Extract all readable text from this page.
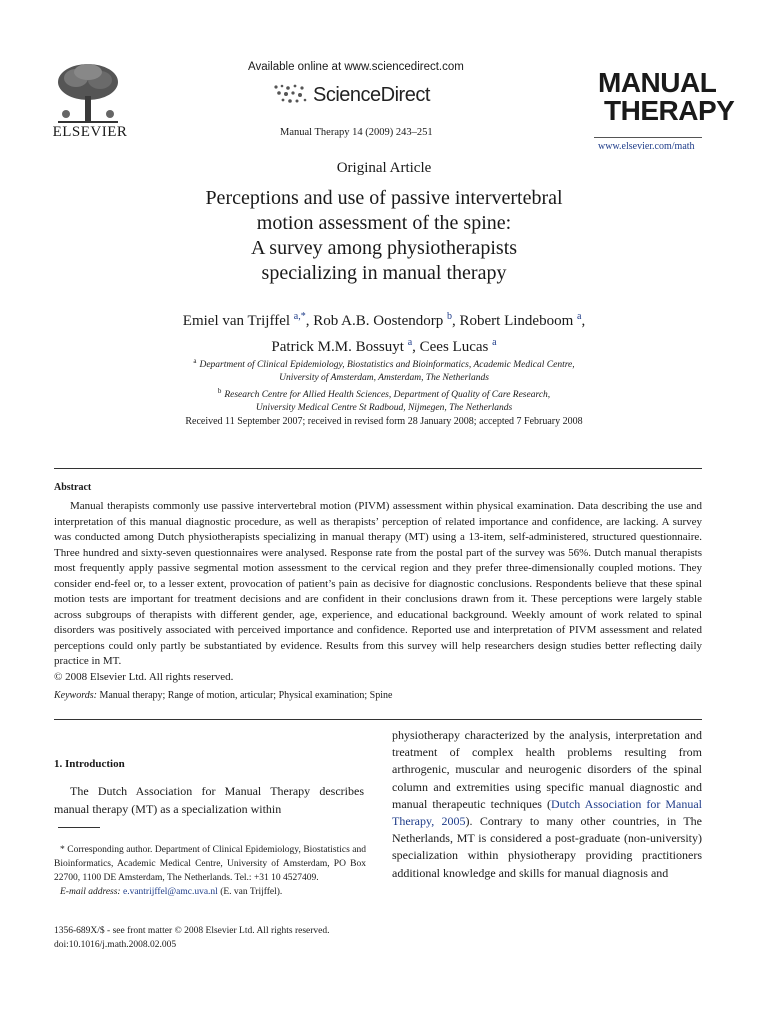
ELSEVIER
Available online at www.sciencedirect.com
ScienceDirect
Manual Therapy 14 (2009) 243–251
MANUAL
THERAPY
www.elsevier.com/math
Original Article
Perceptions and use of passive intervertebral
motion assessment of the spine:
A survey among physiotherapists
specializing in manual therapy
Emiel van Trijffel $^{a,*}$, Rob A.B. Oostendorp $^b$, Robert Lindeboom $^a$,
Patrick M.M. Bossuyt $^a$, Cees Lucas $^a$
$^a$ Department of Clinical Epidemiology, Biostatistics and Bioinformatics, Academic Medical Centre,
University of Amsterdam, Amsterdam, The Netherlands
$^b$ Research Centre for Allied Health Sciences, Department of Quality of Care Research,
University Medical Centre St Radboud, Nijmegen, The Netherlands
Received 11 September 2007; received in revised form 28 January 2008; accepted 7 February 2008
Abstract
Manual therapists commonly use passive intervertebral motion (PIVM) assessment within physical examination. Data describing the use and interpretation of this manual diagnostic procedure, as well as therapists’ perception of related importance and confidence, are lacking. A survey was conducted among Dutch physiotherapists specializing in manual therapy (MT) using a 13-item, self-administered, structured questionnaire. Three hundred and sixty-seven questionnaires were analysed. Response rate from the postal part of the survey was 56%. Dutch manual therapists most frequently apply passive segmental motion assessment to the cervical region and they prefer three-dimensionally coupled motions. They consider end-feel or, to a lesser extent, provocation of patient’s pain as decisive for diagnostic conclusions. Respondents believe that these spinal motion tests are important for treatment decisions and are confident in their conclusions drawn from it. These perceptions were largely stable across subgroups of therapists with different gender, age, experience, and educational background. Weekly amount of work related to spinal disorders was positively associated with perceived importance and confidence. Reported use and interpretation of PIVM assessment and related perceptions could only partly be substantiated by evidence. Results from this survey will help researchers design studies better reflecting daily practice in MT.
© 2008 Elsevier Ltd. All rights reserved.
Keywords: Manual therapy; Range of motion, articular; Physical examination; Spine
1. Introduction
The Dutch Association for Manual Therapy describes manual therapy (MT) as a specialization within

* Corresponding author. Department of Clinical Epidemiology, Biostatistics and Bioinformatics, Academic Medical Centre, University of Amsterdam, PO Box 22700, 1100 DE Amsterdam, The Netherlands. Tel.: +31 10 4527409.

E-mail address: e.vantrijffel@amc.uva.nl (E. van Trijffel).

1356-689X/$ - see front matter © 2008 Elsevier Ltd. All rights reserved.
doi:10.1016/j.math.2008.02.005
physiotherapy characterized by the analysis, interpretation and treatment of complex health problems resulting from arthrogenic, muscular and neurogenic disorders of the spinal column and extremities using specific manual diagnostic and manual therapeutic techniques (Dutch Association for Manual Therapy, 2005). Contrary to many other countries, in The Netherlands, MT is considered a post-graduate (non-university) specialization within physiotherapy providing practitioners additional knowledge and skills for manual diagnosis and
